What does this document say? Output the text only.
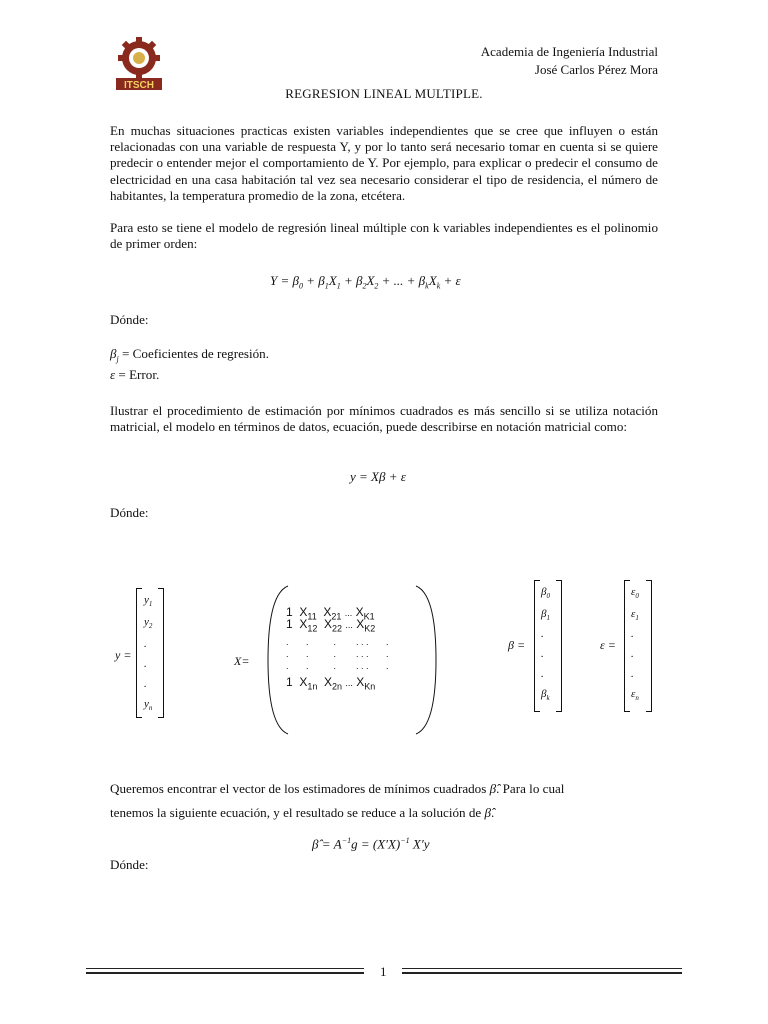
ITSCH
Academia de Ingeniería Industrial
José Carlos Pérez Mora
REGRESION LINEAL MULTIPLE.
En muchas situaciones practicas existen variables independientes que se cree que influyen o están relacionadas con una variable de respuesta Y, y por lo tanto será necesario tomar en cuenta si se quiere predecir o entender mejor el comportamiento de Y. Por ejemplo, para explicar o predecir el consumo de electricidad en una casa habitación tal vez sea necesario considerar el tipo de residencia, el número de habitantes, la temperatura promedio de la zona, etcétera.
Para esto se tiene el modelo de regresión lineal múltiple con k variables independientes es el polinomio de primer orden:
$Y = \beta_0 + \beta_1X_1 + \beta_2X_2$ + ... + $\beta_kX_k + \varepsilon$
Dónde:
$\beta_j$ = Coeficientes de regresión.
ε = Error.
Ilustrar el procedimiento de estimación por mínimos cuadrados es más sencillo si se utiliza notación matricial, el modelo en términos de datos, ecuación, puede describirse en notación matricial como:
y = Xβ + ε
Dónde:
y =
$y_1$
$y_2$
.
.
.
$y_n$
X=
1  $X_{11}$  $X_{21}$ ... $X_{K1}$
1  $X_{12}$  $X_{22}$ ... $X_{K2}$
.       .          .        . . .       .
.       .          .        . . .       .
.       .          .        . . .       .
1  $X_{1n}$  $X_{2n}$ ... $X_{Kn}$
β =
$\beta_0$
$\beta_1$
.
.
.
$\beta_k$
ε =
$\varepsilon_0$
$\varepsilon_1$
.
.
.
$\varepsilon_n$
Queremos encontrar el vector de los estimadores de mínimos cuadrados β̂. Para lo cual
tenemos la siguiente ecuación, y el resultado se reduce a la solución de β̂.
β̂ = $A^{-1}g = (X'X)^{-1}$ X′y
Dónde:
1
